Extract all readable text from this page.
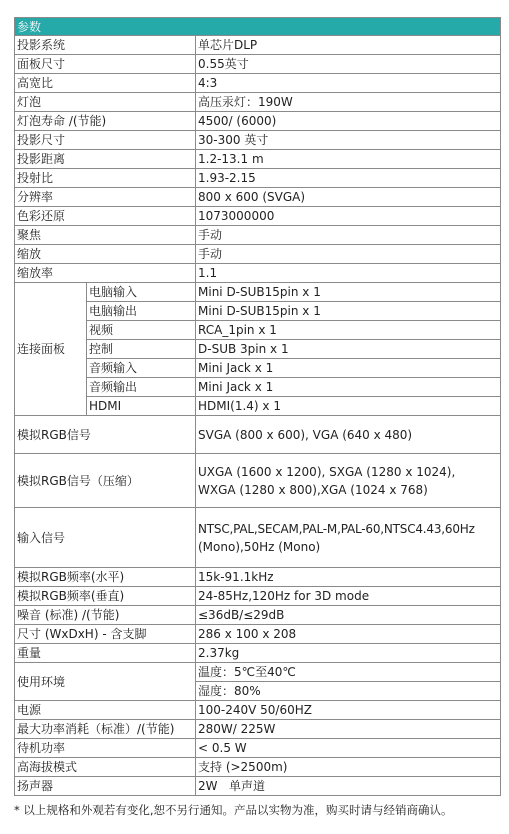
参数		
投影系统		单芯片DLP
面板尺寸		0.55英寸
高宽比		4:3
灯泡		高压汞灯：190W
灯泡寿命 /(节能)		4500/ (6000)
投影尺寸		30-300 英寸
投影距离		1.2-13.1 m
投射比		1.93-2.15
分辨率		800 x 600 (SVGA)
色彩还原		1073000000
聚焦		手动
缩放		手动
缩放率		1.1
连接面板	电脑输入	Mini D-SUB15pin x 1
	电脑输出	Mini D-SUB15pin x 1
	视频	RCA_1pin x 1
	控制	D-SUB 3pin x 1
	音频输入	Mini Jack x 1
	音频输出	Mini Jack x 1
	HDMI	HDMI(1.4) x 1
模拟RGB信号		SVGA (800 x 600), VGA (640 x 480)
模拟RGB信号（压缩）		UXGA (1600 x 1200), SXGA (1280 x 1024),
WXGA (1280 x 800),XGA (1024 x 768)

输入信号		NTSC,PAL,SECAM,PAL-M,PAL-60,NTSC4.43,60Hz
(Mono),50Hz (Mono)

模拟RGB频率(水平)		15k-91.1kHz
模拟RGB频率(垂直)		24-85Hz,120Hz for 3D mode
噪音 (标准) /(节能)		≤36dB/≤29dB
尺寸 (WxDxH) - 含支脚		286 x 100 x 208
重量		2.37kg
使用环境		温度：5℃至40℃
		湿度：80%
电源		100-240V 50/60HZ
最大功率消耗（标准）/(节能)		280W/ 225W
待机功率		< 0.5 W
高海拔模式		支持 (>2500m)
扬声器		2W   单声道
* 以上规格和外观若有变化,恕不另行通知。产品以实物为准，购买时请与经销商确认。
